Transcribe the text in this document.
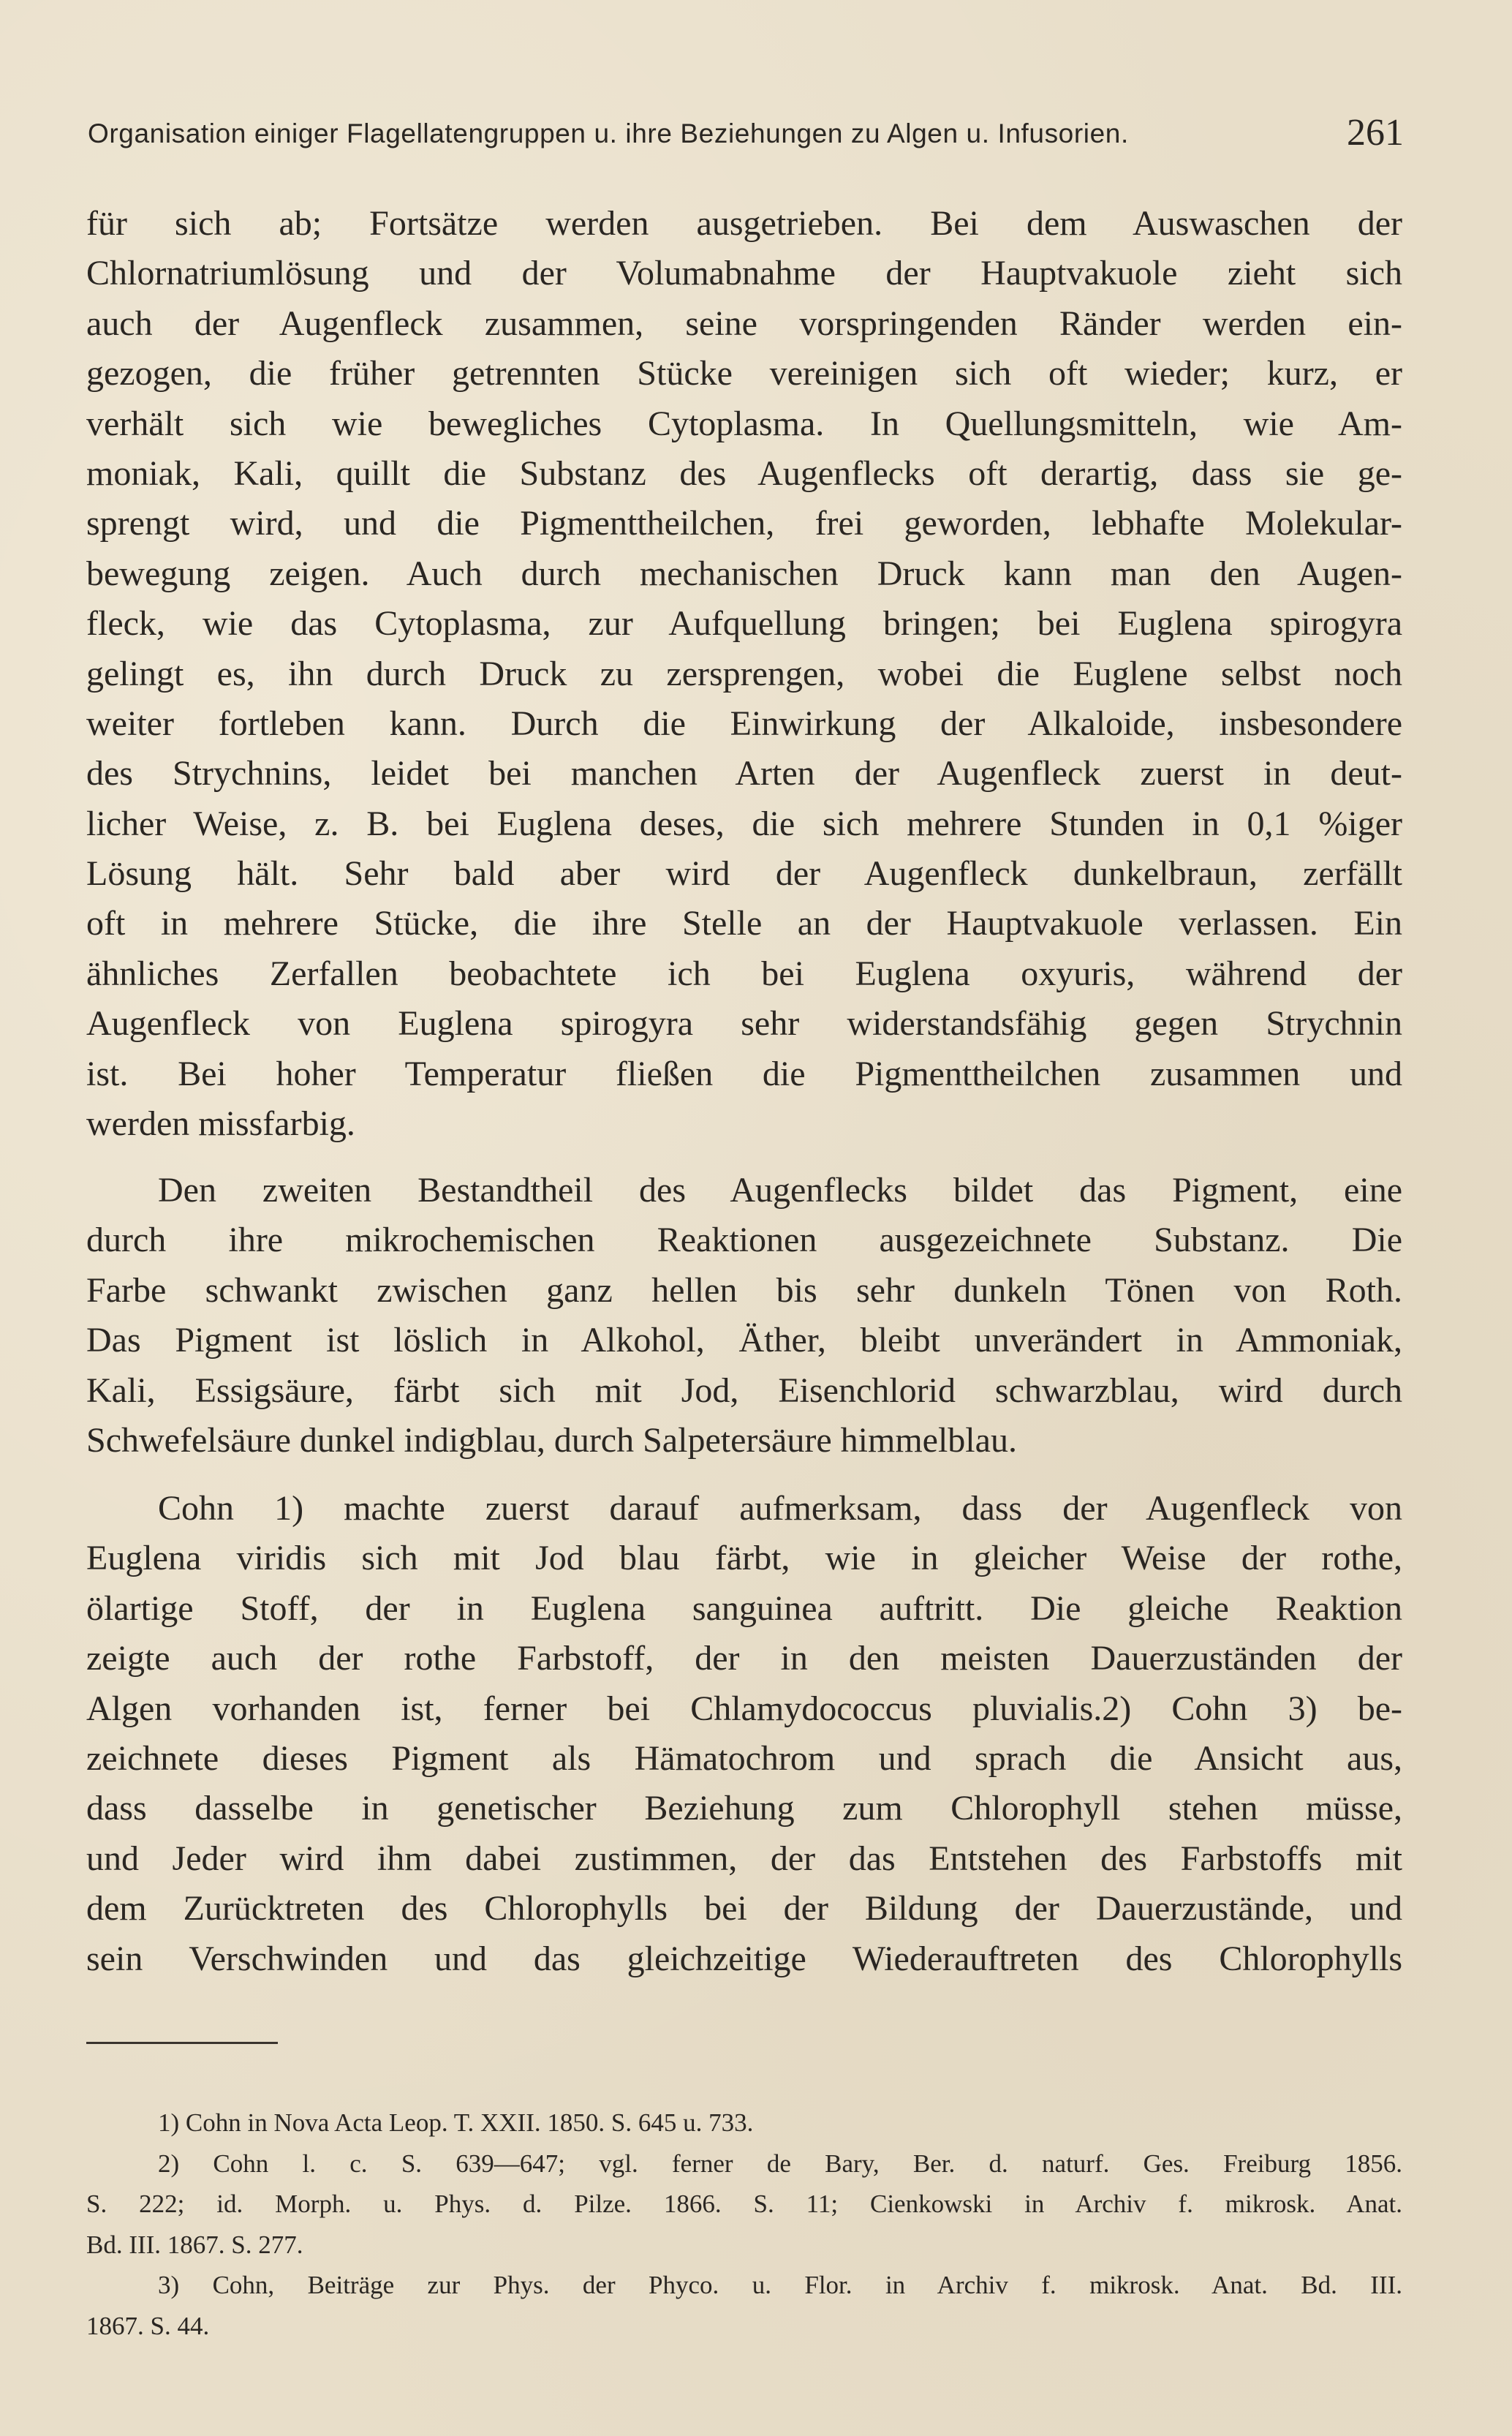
Organisation einiger Flagellatengruppen u. ihre Beziehungen zu Algen u. Infusorien.	261
für sich ab; Fortsätze werden ausgetrieben. Bei dem Auswaschen der
Chlornatriumlösung und der Volumabnahme der Hauptvakuole zieht sich
auch der Augenfleck zusammen, seine vorspringenden Ränder werden ein-
gezogen, die früher getrennten Stücke vereinigen sich oft wieder; kurz, er
verhält sich wie bewegliches Cytoplasma. In Quellungsmitteln, wie Am-
moniak, Kali, quillt die Substanz des Augenflecks oft derartig, dass sie ge-
sprengt wird, und die Pigmenttheilchen, frei geworden, lebhafte Molekular-
bewegung zeigen. Auch durch mechanischen Druck kann man den Augen-
fleck, wie das Cytoplasma, zur Aufquellung bringen; bei Euglena spirogyra
gelingt es, ihn durch Druck zu zersprengen, wobei die Euglene selbst noch
weiter fortleben kann. Durch die Einwirkung der Alkaloide, insbesondere
des Strychnins, leidet bei manchen Arten der Augenfleck zuerst in deut-
licher Weise, z. B. bei Euglena deses, die sich mehrere Stunden in 0,1 %iger
Lösung hält. Sehr bald aber wird der Augenfleck dunkelbraun, zerfällt
oft in mehrere Stücke, die ihre Stelle an der Hauptvakuole verlassen. Ein
ähnliches Zerfallen beobachtete ich bei Euglena oxyuris, während der
Augenfleck von Euglena spirogyra sehr widerstandsfähig gegen Strychnin
ist. Bei hoher Temperatur fließen die Pigmenttheilchen zusammen und
werden missfarbig.
Den zweiten Bestandtheil des Augenflecks bildet das Pigment, eine
durch ihre mikrochemischen Reaktionen ausgezeichnete Substanz. Die
Farbe schwankt zwischen ganz hellen bis sehr dunkeln Tönen von Roth.
Das Pigment ist löslich in Alkohol, Äther, bleibt unverändert in Ammoniak,
Kali, Essigsäure, färbt sich mit Jod, Eisenchlorid schwarzblau, wird durch
Schwefelsäure dunkel indigblau, durch Salpetersäure himmelblau.
Cohn 1) machte zuerst darauf aufmerksam, dass der Augenfleck von
Euglena viridis sich mit Jod blau färbt, wie in gleicher Weise der rothe,
ölartige Stoff, der in Euglena sanguinea auftritt. Die gleiche Reaktion
zeigte auch der rothe Farbstoff, der in den meisten Dauerzuständen der
Algen vorhanden ist, ferner bei Chlamydococcus pluvialis.2) Cohn 3) be-
zeichnete dieses Pigment als Hämatochrom und sprach die Ansicht aus,
dass dasselbe in genetischer Beziehung zum Chlorophyll stehen müsse,
und Jeder wird ihm dabei zustimmen, der das Entstehen des Farbstoffs mit
dem Zurücktreten des Chlorophylls bei der Bildung der Dauerzustände, und
sein Verschwinden und das gleichzeitige Wiederauftreten des Chlorophylls
1) Cohn in Nova Acta Leop. T. XXII. 1850. S. 645 u. 733.
2) Cohn l. c. S. 639—647; vgl. ferner de Bary, Ber. d. naturf. Ges. Freiburg 1856.
S. 222; id. Morph. u. Phys. d. Pilze. 1866. S. 11; Cienkowski in Archiv f. mikrosk. Anat.
Bd. III. 1867. S. 277.
3) Cohn, Beiträge zur Phys. der Phyco. u. Flor. in Archiv f. mikrosk. Anat. Bd. III.
1867. S. 44.
